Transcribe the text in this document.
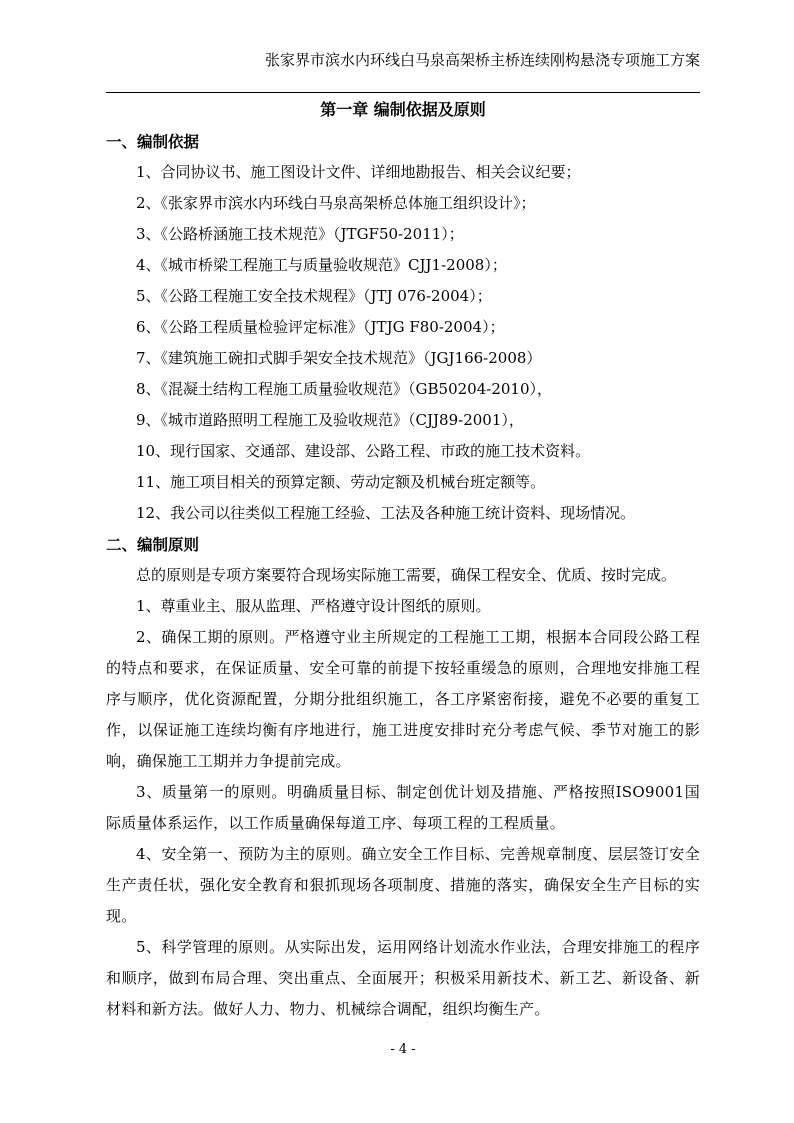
张家界市滨水内环线白马泉高架桥主桥连续刚构悬浇专项施工方案
第一章 编制依据及原则
一、编制依据
1、合同协议书、施工图设计文件、详细地勘报告、相关会议纪要；
2、《张家界市滨水内环线白马泉高架桥总体施工组织设计》；
3、《公路桥涵施工技术规范》（JTGF50-2011）；
4、《城市桥梁工程施工与质量验收规范》CJJ1-2008）；
5、《公路工程施工安全技术规程》（JTJ 076-2004）；
6、《公路工程质量检验评定标准》（JTJG F80-2004）；
7、《建筑施工碗扣式脚手架安全技术规范》（JGJ166-2008）
8、《混凝土结构工程施工质量验收规范》（GB50204-2010），
9、《城市道路照明工程施工及验收规范》（CJJ89-2001），
10、现行国家、交通部、建设部、公路工程、市政的施工技术资料。
11、施工项目相关的预算定额、劳动定额及机械台班定额等。
12、我公司以往类似工程施工经验、工法及各种施工统计资料、现场情况。
二、编制原则
总的原则是专项方案要符合现场实际施工需要，确保工程安全、优质、按时完成。
1、尊重业主、服从监理、严格遵守设计图纸的原则。
2、确保工期的原则。严格遵守业主所规定的工程施工工期，根据本合同段公路工程的特点和要求，在保证质量、安全可靠的前提下按轻重缓急的原则，合理地安排施工程序与顺序，优化资源配置，分期分批组织施工，各工序紧密衔接，避免不必要的重复工作，以保证施工连续均衡有序地进行，施工进度安排时充分考虑气候、季节对施工的影响，确保施工工期并力争提前完成。
3、质量第一的原则。明确质量目标、制定创优计划及措施、严格按照ISO9001国际质量体系运作，以工作质量确保每道工序、每项工程的工程质量。
4、安全第一、预防为主的原则。确立安全工作目标、完善规章制度、层层签订安全生产责任状，强化安全教育和狠抓现场各项制度、措施的落实，确保安全生产目标的实现。
5、科学管理的原则。从实际出发，运用网络计划流水作业法，合理安排施工的程序和顺序，做到布局合理、突出重点、全面展开；积极采用新技术、新工艺、新设备、新材料和新方法。做好人力、物力、机械综合调配，组织均衡生产。
- 4 -
